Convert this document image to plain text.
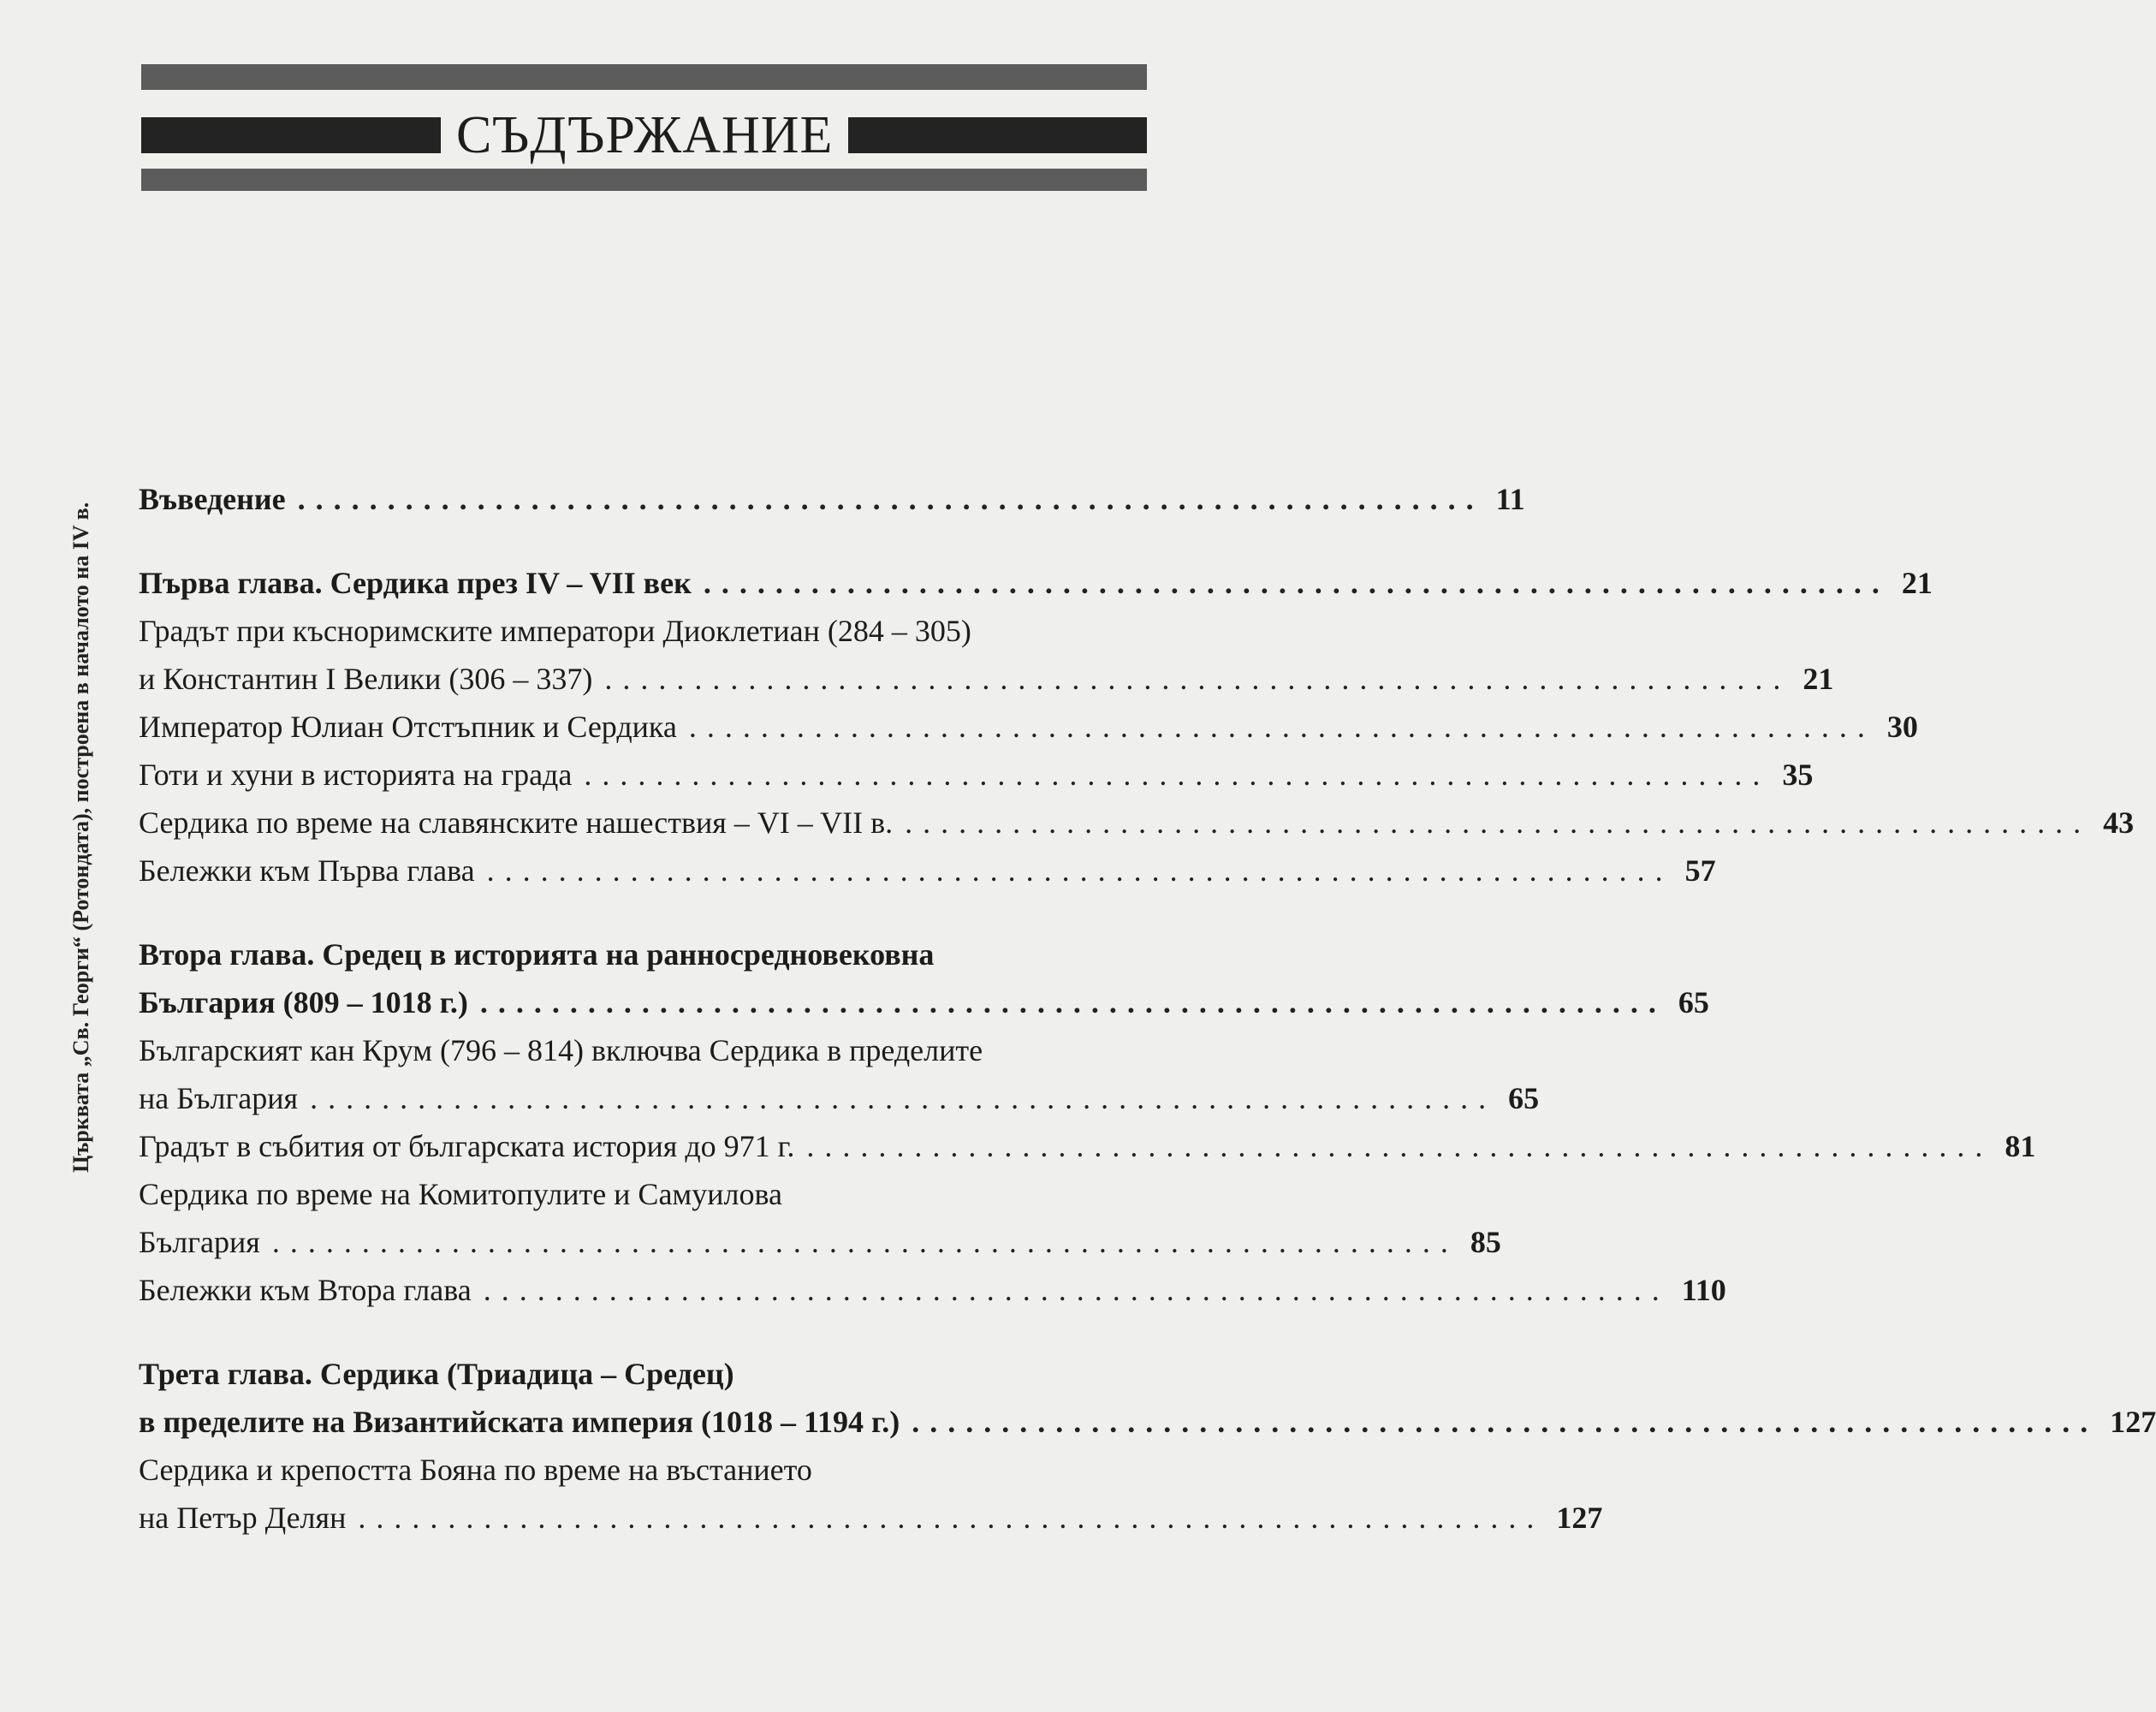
СЪДЪРЖАНИЕ
Църквата „Св. Георги“ (Ротондата), построена в началото на IV в.
Въведение .................................................................. 11
Първа глава. Сердика през IV – VII век .................................................................. 21
Градът при късноримските императори Диоклетиан (284 – 305)
и Константин I Велики (306 – 337) .................................................................. 21
Император Юлиан Отстъпник и Сердика .................................................................. 30
Готи и хуни в историята на града .................................................................. 35
Сердика по време на славянските нашествия – VI – VII в. .................................................................. 43
Бележки към Първа глава .................................................................. 57
Втора глава. Средец в историята на ранносредновековна
България (809 – 1018 г.) .................................................................. 65
Българският кан Крум (796 – 814) включва Сердика в пределите
на България .................................................................. 65
Градът в събития от българската история до 971 г. .................................................................. 81
Сердика по време на Комитопулите и Самуилова
България .................................................................. 85
Бележки към Втора глава .................................................................. 110
Трета глава. Сердика (Триадица – Средец)
в пределите на Византийската империя (1018 – 1194 г.) .................................................................. 127
Сердика и крепостта Бояна по време на въстанието
на Петър Делян .................................................................. 127
